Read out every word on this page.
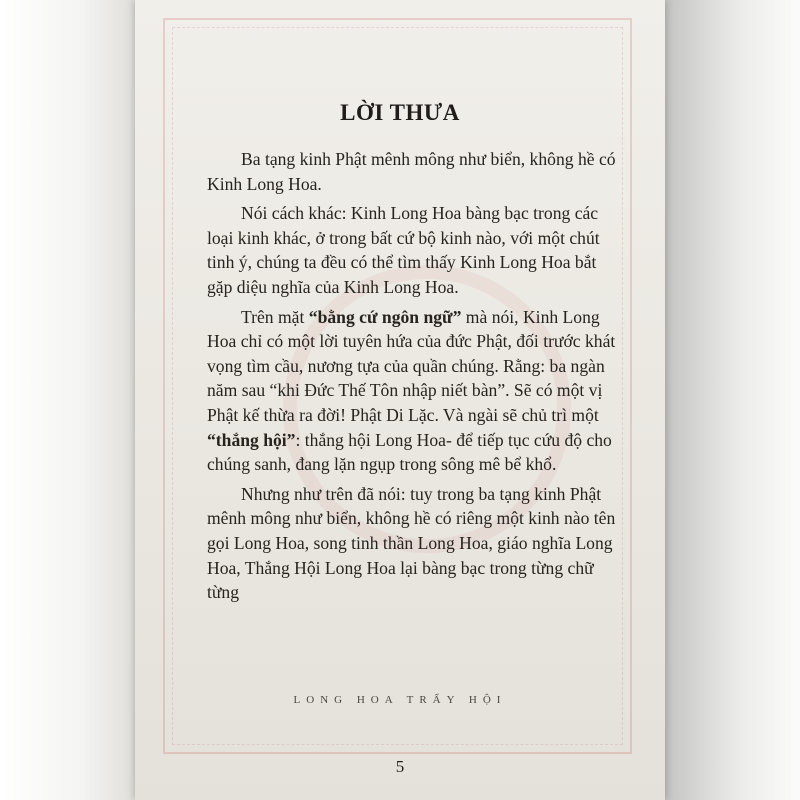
LỜI THƯA

Ba tạng kinh Phật mênh mông như biển, không hề có Kinh Long Hoa.

Nói cách khác: Kinh Long Hoa bàng bạc trong các loại kinh khác, ở trong bất cứ bộ kinh nào, với một chút tinh ý, chúng ta đều có thể tìm thấy Kinh Long Hoa bắt gặp diệu nghĩa của Kinh Long Hoa.

Trên mặt “bằng cứ ngôn ngữ” mà nói, Kinh Long Hoa chỉ có một lời tuyên hứa của đức Phật, đối trước khát vọng tìm cầu, nương tựa của quần chúng. Rằng: ba ngàn năm sau “khi Đức Thế Tôn nhập niết bàn”. Sẽ có một vị Phật kế thừa ra đời! Phật Di Lặc. Và ngài sẽ chủ trì một “thắng hội”: thắng hội Long Hoa- để tiếp tục cứu độ cho chúng sanh, đang lặn ngụp trong sông mê bể khổ.

Nhưng như trên đã nói: tuy trong ba tạng kinh Phật mênh mông như biển, không hề có riêng một kinh nào tên gọi Long Hoa, song tinh thần Long Hoa, giáo nghĩa Long Hoa, Thắng Hội Long Hoa lại bàng bạc trong từng chữ từng

LONG HOA TRẨY HỘI
5
